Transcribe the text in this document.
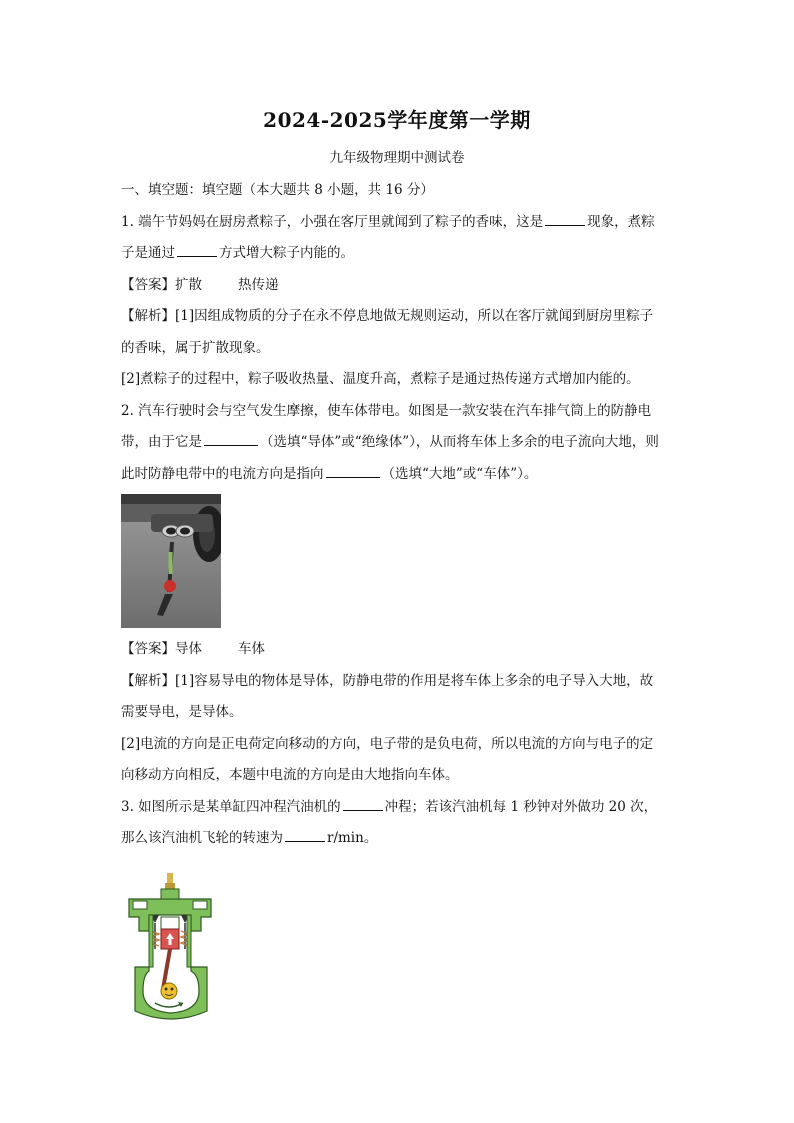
2024-2025学年度第一学期
九年级物理期中测试卷

一、填空题：填空题（本大题共 8 小题，共 16 分）

1. 端午节妈妈在厨房煮粽子，小强在客厅里就闻到了粽子的香味，这是	现象，煮粽

子是通过	方式增大粽子内能的。

【答案】扩散	热传递

【解析】[1]因组成物质的分子在永不停息地做无规则运动，所以在客厅就闻到厨房里粽子

的香味，属于扩散现象。

[2]煮粽子的过程中，粽子吸收热量、温度升高，煮粽子是通过热传递方式增加内能的。

2. 汽车行驶时会与空气发生摩擦，使车体带电。如图是一款安装在汽车排气筒上的防静电

带，由于它是	（选填“导体”或“绝缘体”），从而将车体上多余的电子流向大地，则

此时防静电带中的电流方向是指向	（选填“大地”或“车体”）。

【答案】导体	车体

【解析】[1]容易导电的物体是导体，防静电带的作用是将车体上多余的电子导入大地，故

需要导电，是导体。

[2]电流的方向是正电荷定向移动的方向，电子带的是负电荷，所以电流的方向与电子的定

向移动方向相反，本题中电流的方向是由大地指向车体。

3. 如图所示是某单缸四冲程汽油机的	冲程；若该汽油机每 1 秒钟对外做功 20 次，

那么该汽油机飞轮的转速为	r/min。
